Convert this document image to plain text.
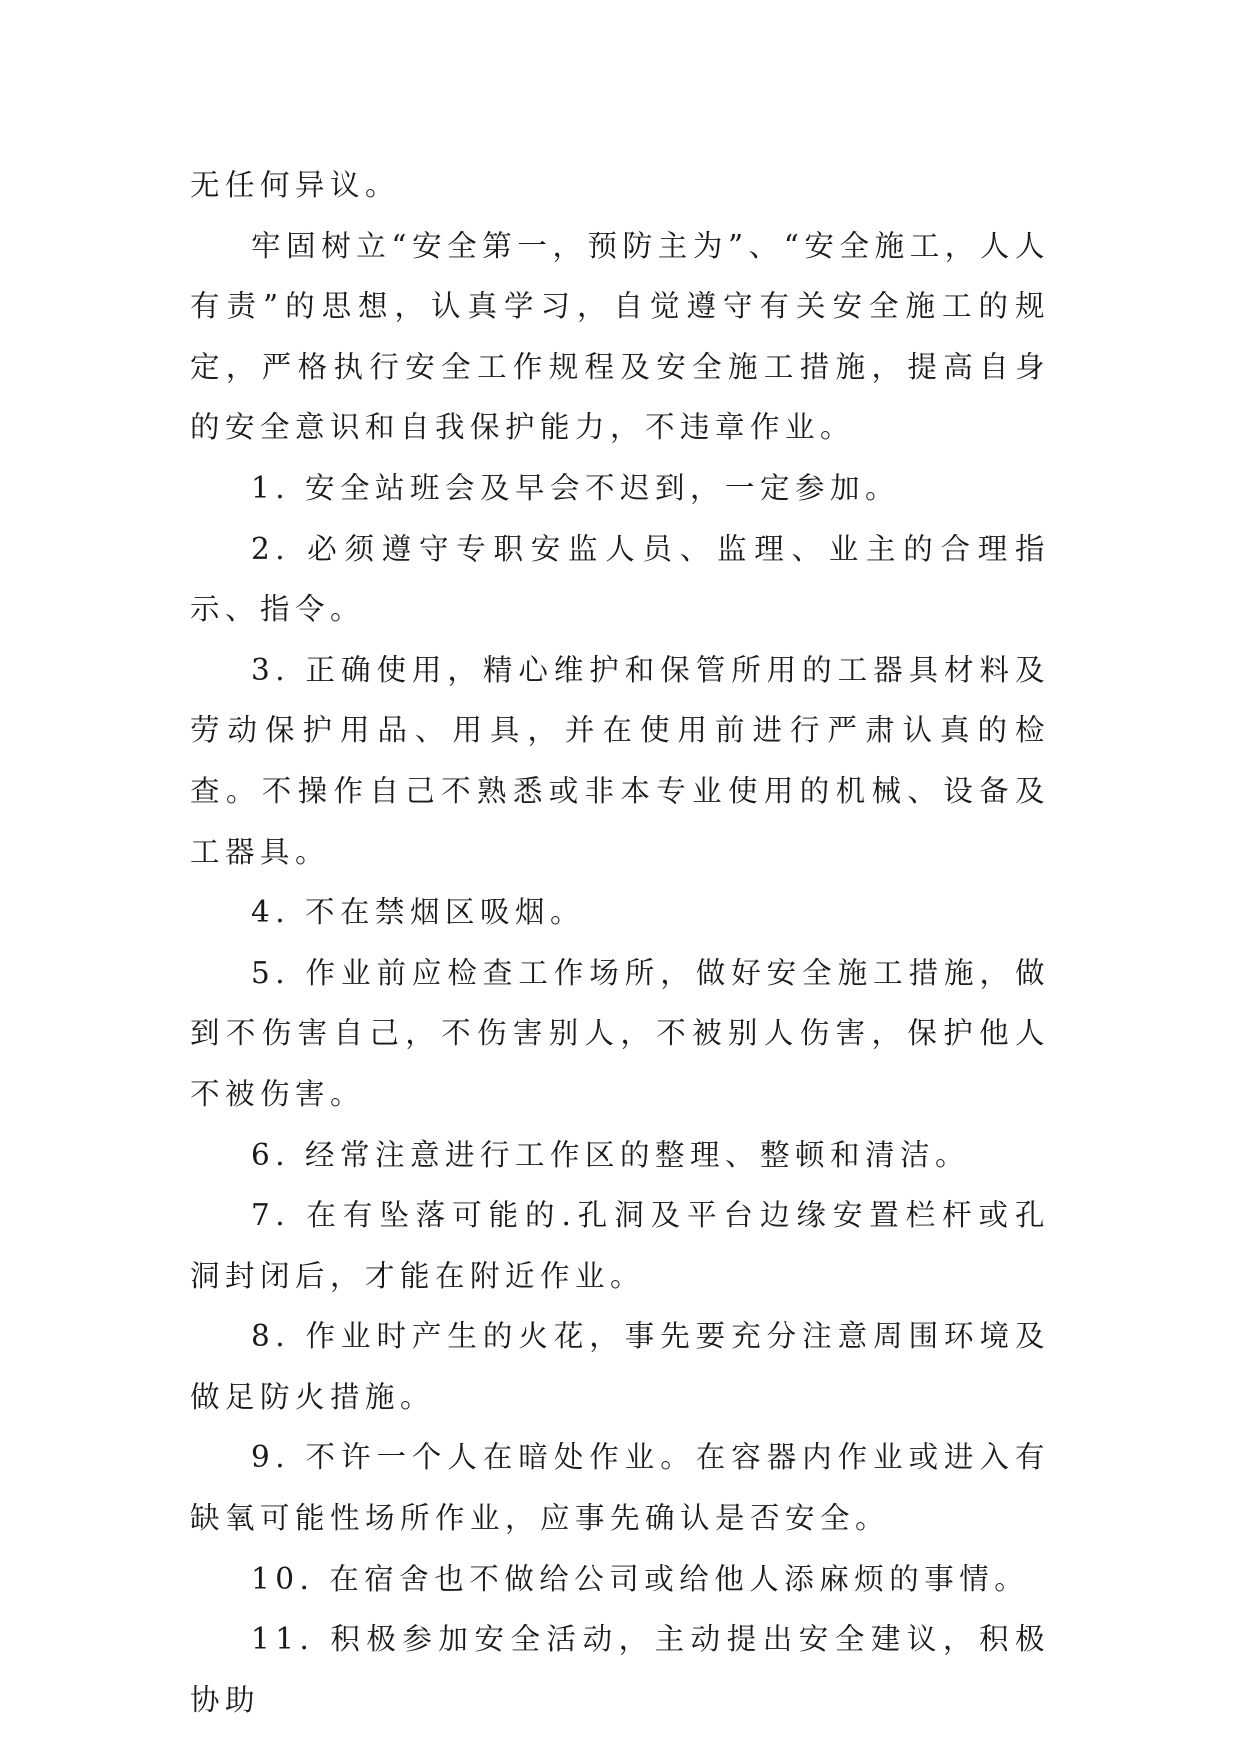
无任何异议。

牢固树立“安全第一，预防主为”、“安全施工，人人有责”的思想，认真学习，自觉遵守有关安全施工的规定，严格执行安全工作规程及安全施工措施，提高自身的安全意识和自我保护能力，不违章作业。

1. 安全站班会及早会不迟到，一定参加。

2. 必须遵守专职安监人员、监理、业主的合理指示、指令。

3. 正确使用，精心维护和保管所用的工器具材料及劳动保护用品、用具，并在使用前进行严肃认真的检查。不操作自己不熟悉或非本专业使用的机械、设备及工器具。

4. 不在禁烟区吸烟。

5. 作业前应检查工作场所，做好安全施工措施，做到不伤害自己，不伤害别人，不被别人伤害，保护他人不被伤害。

6. 经常注意进行工作区的整理、整顿和清洁。

7. 在有坠落可能的.孔洞及平台边缘安置栏杆或孔洞封闭后，才能在附近作业。

8. 作业时产生的火花，事先要充分注意周围环境及做足防火措施。

9. 不许一个人在暗处作业。在容器内作业或进入有缺氧可能性场所作业，应事先确认是否安全。

10. 在宿舍也不做给公司或给他人添麻烦的事情。

11. 积极参加安全活动，主动提出安全建议，积极协助
